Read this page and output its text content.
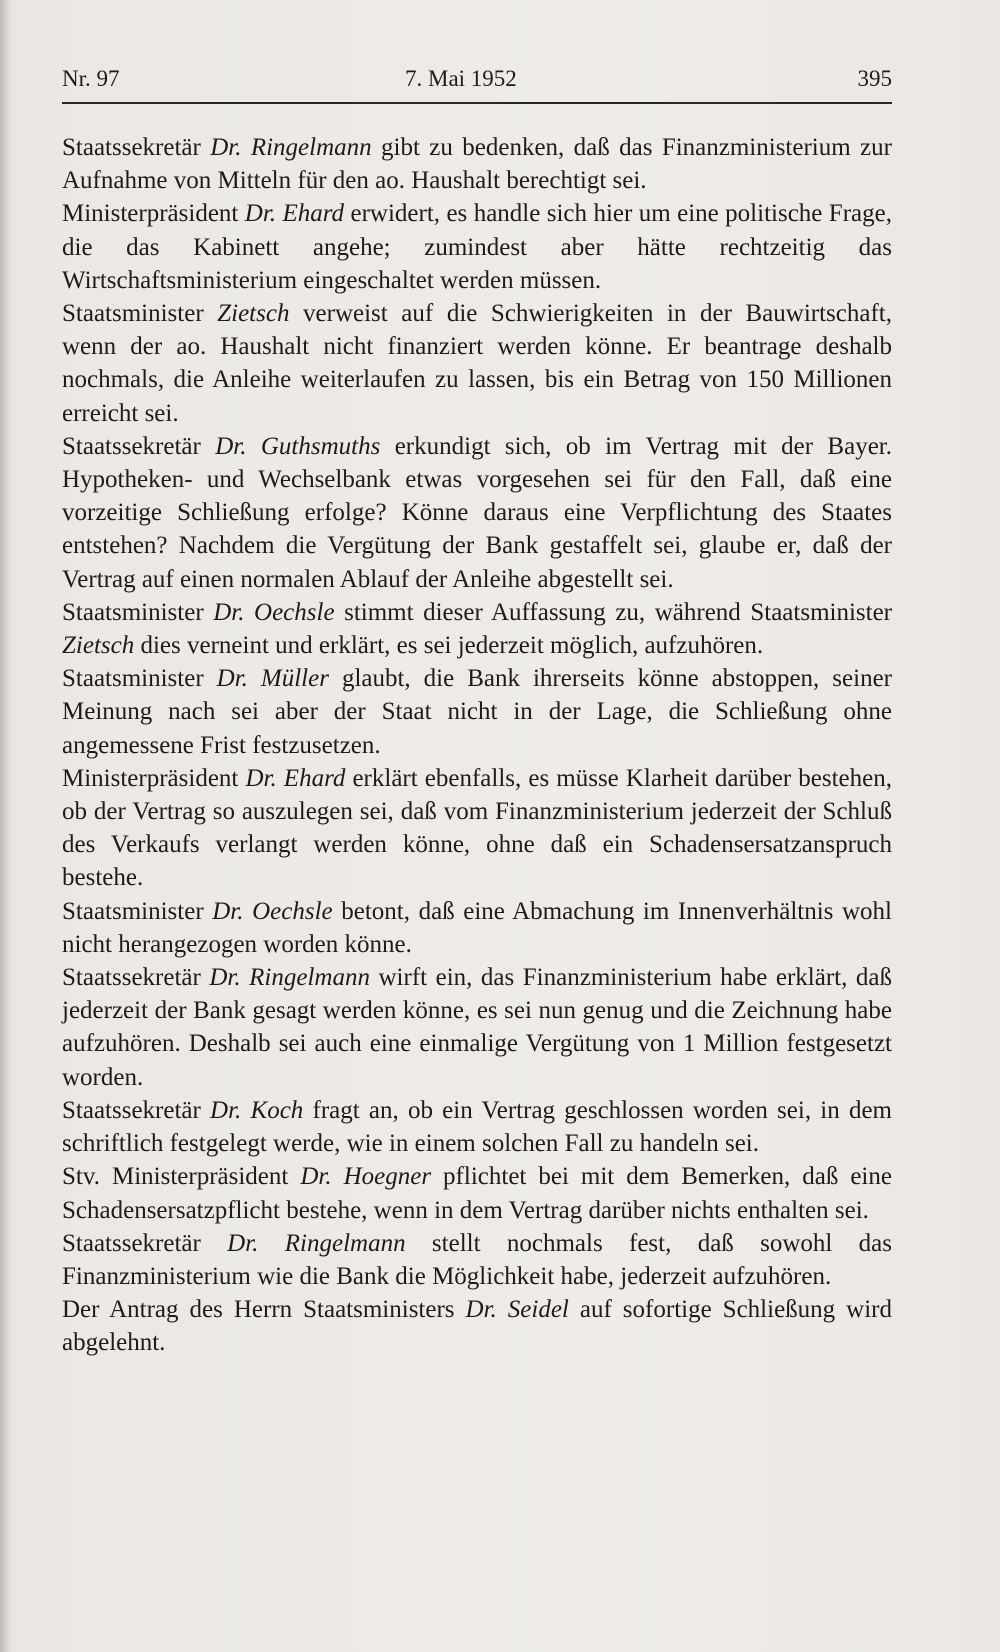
Nr. 97	7. Mai 1952	395

Staatssekretär Dr. Ringelmann gibt zu bedenken, daß das Finanzministerium zur Aufnahme von Mitteln für den ao. Haushalt berechtigt sei.

Ministerpräsident Dr. Ehard erwidert, es handle sich hier um eine politische Frage, die das Kabinett angehe; zumindest aber hätte rechtzeitig das Wirtschaftsministerium eingeschaltet werden müssen.

Staatsminister Zietsch verweist auf die Schwierigkeiten in der Bauwirtschaft, wenn der ao. Haushalt nicht finanziert werden könne. Er beantrage deshalb nochmals, die Anleihe weiterlaufen zu lassen, bis ein Betrag von 150 Millionen erreicht sei.

Staatssekretär Dr. Guthsmuths erkundigt sich, ob im Vertrag mit der Bayer. Hypotheken- und Wechselbank etwas vorgesehen sei für den Fall, daß eine vorzeitige Schließung erfolge? Könne daraus eine Verpflichtung des Staates entstehen? Nachdem die Vergütung der Bank gestaffelt sei, glaube er, daß der Vertrag auf einen normalen Ablauf der Anleihe abgestellt sei.

Staatsminister Dr. Oechsle stimmt dieser Auffassung zu, während Staatsminister Zietsch dies verneint und erklärt, es sei jederzeit möglich, aufzuhören.

Staatsminister Dr. Müller glaubt, die Bank ihrerseits könne abstoppen, seiner Meinung nach sei aber der Staat nicht in der Lage, die Schließung ohne angemessene Frist festzusetzen.

Ministerpräsident Dr. Ehard erklärt ebenfalls, es müsse Klarheit darüber bestehen, ob der Vertrag so auszulegen sei, daß vom Finanzministerium jederzeit der Schluß des Verkaufs verlangt werden könne, ohne daß ein Schadensersatzanspruch bestehe.

Staatsminister Dr. Oechsle betont, daß eine Abmachung im Innenverhältnis wohl nicht herangezogen worden könne.

Staatssekretär Dr. Ringelmann wirft ein, das Finanzministerium habe erklärt, daß jederzeit der Bank gesagt werden könne, es sei nun genug und die Zeichnung habe aufzuhören. Deshalb sei auch eine einmalige Vergütung von 1 Million festgesetzt worden.

Staatssekretär Dr. Koch fragt an, ob ein Vertrag geschlossen worden sei, in dem schriftlich festgelegt werde, wie in einem solchen Fall zu handeln sei.

Stv. Ministerpräsident Dr. Hoegner pflichtet bei mit dem Bemerken, daß eine Schadensersatzpflicht bestehe, wenn in dem Vertrag darüber nichts enthalten sei.

Staatssekretär Dr. Ringelmann stellt nochmals fest, daß sowohl das Finanzministerium wie die Bank die Möglichkeit habe, jederzeit aufzuhören.

Der Antrag des Herrn Staatsministers Dr. Seidel auf sofortige Schließung wird abgelehnt.
